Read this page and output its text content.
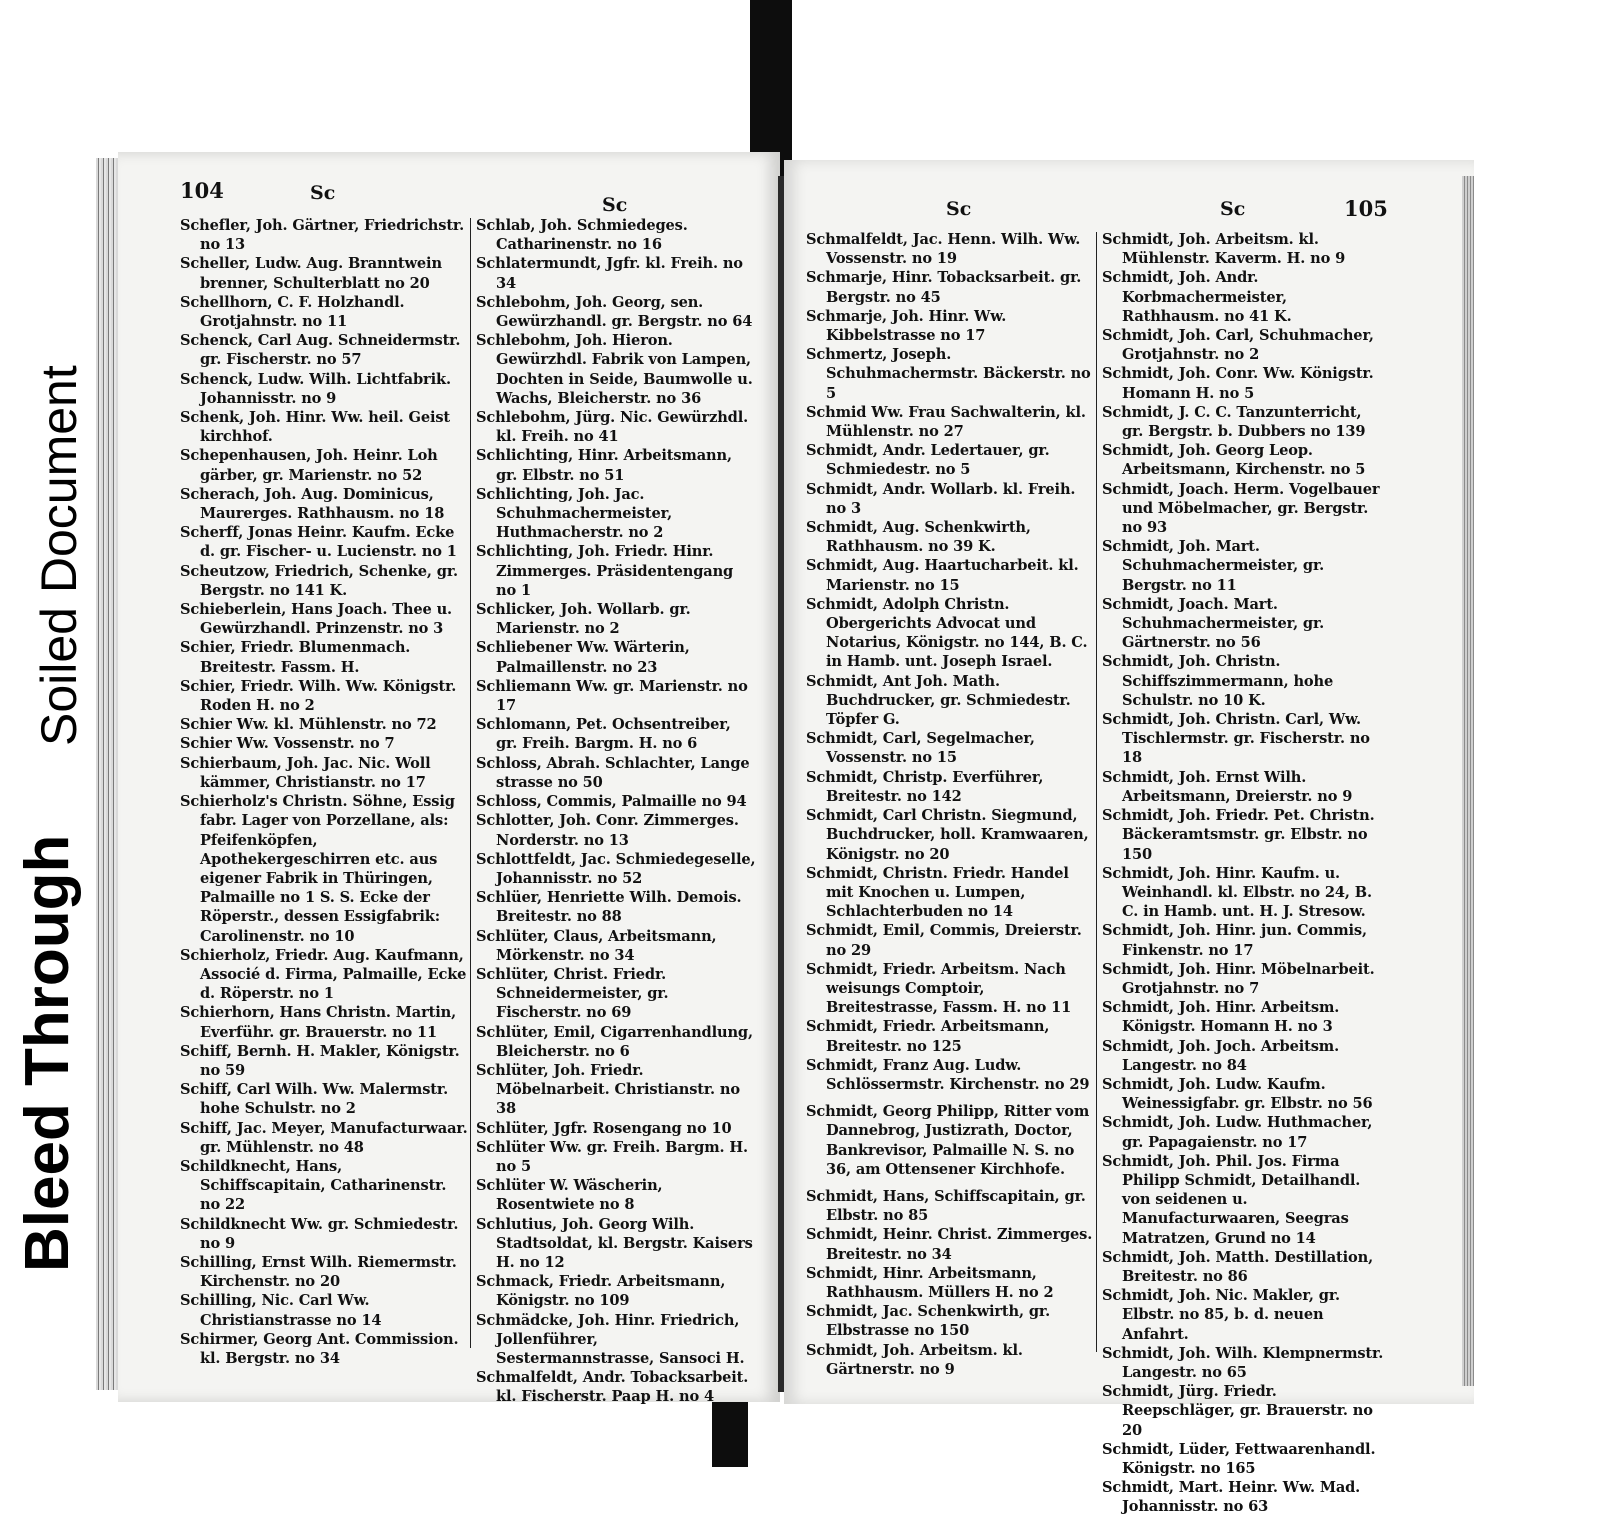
Bleed Through
Soiled Document
104	Sc
Sc

Schefler, Joh. Gärtner, Friedrichstr. no 13

Scheller, Ludw. Aug. Branntwein brenner, Schulterblatt no 20

Schellhorn, C. F. Holzhandl. Grotjahnstr. no 11

Schenck, Carl Aug. Schneidermstr. gr. Fischerstr. no 57

Schenck, Ludw. Wilh. Lichtfabrik. Johannisstr. no 9

Schenk, Joh. Hinr. Ww. heil. Geist kirchhof.

Schepenhausen, Joh. Heinr. Loh gärber, gr. Marienstr. no 52

Scherach, Joh. Aug. Dominicus, Maurerges. Rathhausm. no 18

Scherff, Jonas Heinr. Kaufm. Ecke d. gr. Fischer- u. Lucienstr. no 1

Scheutzow, Friedrich, Schenke, gr. Bergstr. no 141 K.

Schieberlein, Hans Joach. Thee u. Gewürzhandl. Prinzenstr. no 3

Schier, Friedr. Blumenmach. Breitestr. Fassm. H.

Schier, Friedr. Wilh. Ww. Königstr. Roden H. no 2

Schier Ww. kl. Mühlenstr. no 72

Schier Ww. Vossenstr. no 7

Schierbaum, Joh. Jac. Nic. Woll kämmer, Christianstr. no 17

Schierholz's Christn. Söhne, Essig fabr. Lager von Porzellane, als: Pfeifenköpfen, Apothekergeschirren etc. aus eigener Fabrik in Thüringen, Palmaille no 1 S. S. Ecke der Röperstr., dessen Essigfabrik: Carolinenstr. no 10

Schierholz, Friedr. Aug. Kaufmann, Associé d. Firma, Palmaille, Ecke d. Röperstr. no 1

Schierhorn, Hans Christn. Martin, Everführ. gr. Brauerstr. no 11

Schiff, Bernh. H. Makler, Königstr. no 59

Schiff, Carl Wilh. Ww. Malermstr. hohe Schulstr. no 2

Schiff, Jac. Meyer, Manufacturwaar. gr. Mühlenstr. no 48

Schildknecht, Hans, Schiffscapitain, Catharinenstr. no 22

Schildknecht Ww. gr. Schmiedestr. no 9

Schilling, Ernst Wilh. Riemermstr. Kirchenstr. no 20

Schilling, Nic. Carl Ww. Christianstrasse no 14

Schirmer, Georg Ant. Commission. kl. Bergstr. no 34

Schlab, Joh. Schmiedeges. Catharinenstr. no 16

Schlatermundt, Jgfr. kl. Freih. no 34

Schlebohm, Joh. Georg, sen. Gewürzhandl. gr. Bergstr. no 64

Schlebohm, Joh. Hieron. Gewürzhdl. Fabrik von Lampen, Dochten in Seide, Baumwolle u. Wachs, Bleicherstr. no 36

Schlebohm, Jürg. Nic. Gewürzhdl. kl. Freih. no 41

Schlichting, Hinr. Arbeitsmann, gr. Elbstr. no 51

Schlichting, Joh. Jac. Schuhmachermeister, Huthmacherstr. no 2

Schlichting, Joh. Friedr. Hinr. Zimmerges. Präsidentengang no 1

Schlicker, Joh. Wollarb. gr. Marienstr. no 2

Schliebener Ww. Wärterin, Palmaillenstr. no 23

Schliemann Ww. gr. Marienstr. no 17

Schlomann, Pet. Ochsentreiber, gr. Freih. Bargm. H. no 6

Schloss, Abrah. Schlachter, Lange strasse no 50

Schloss, Commis, Palmaille no 94

Schlotter, Joh. Conr. Zimmerges. Norderstr. no 13

Schlottfeldt, Jac. Schmiedegeselle, Johannisstr. no 52

Schlüer, Henriette Wilh. Demois. Breitestr. no 88

Schlüter, Claus, Arbeitsmann, Mörkenstr. no 34

Schlüter, Christ. Friedr. Schneidermeister, gr. Fischerstr. no 69

Schlüter, Emil, Cigarrenhandlung, Bleicherstr. no 6

Schlüter, Joh. Friedr. Möbelnarbeit. Christianstr. no 38

Schlüter, Jgfr. Rosengang no 10

Schlüter Ww. gr. Freih. Bargm. H. no 5

Schlüter W. Wäscherin, Rosentwiete no 8

Schlutius, Joh. Georg Wilh. Stadtsoldat, kl. Bergstr. Kaisers H. no 12

Schmack, Friedr. Arbeitsmann, Königstr. no 109

Schmädcke, Joh. Hinr. Friedrich, Jollenführer, Sestermannstrasse, Sansoci H.

Schmalfeldt, Andr. Tobacksarbeit. kl. Fischerstr. Paap H. no 4

Sc	Sc	105

Schmalfeldt, Jac. Henn. Wilh. Ww. Vossenstr. no 19

Schmarje, Hinr. Tobacksarbeit. gr. Bergstr. no 45

Schmarje, Joh. Hinr. Ww. Kibbelstrasse no 17

Schmertz, Joseph. Schuhmachermstr. Bäckerstr. no 5

Schmid Ww. Frau Sachwalterin, kl. Mühlenstr. no 27

Schmidt, Andr. Ledertauer, gr. Schmiedestr. no 5

Schmidt, Andr. Wollarb. kl. Freih. no 3

Schmidt, Aug. Schenkwirth, Rathhausm. no 39 K.

Schmidt, Aug. Haartucharbeit. kl. Marienstr. no 15

Schmidt, Adolph Christn. Obergerichts Advocat und Notarius, Königstr. no 144, B. C. in Hamb. unt. Joseph Israel.

Schmidt, Ant Joh. Math. Buchdrucker, gr. Schmiedestr. Töpfer G.

Schmidt, Carl, Segelmacher, Vossenstr. no 15

Schmidt, Christp. Everführer, Breitestr. no 142

Schmidt, Carl Christn. Siegmund, Buchdrucker, holl. Kramwaaren, Königstr. no 20

Schmidt, Christn. Friedr. Handel mit Knochen u. Lumpen, Schlachterbuden no 14

Schmidt, Emil, Commis, Dreierstr. no 29

Schmidt, Friedr. Arbeitsm. Nach weisungs Comptoir, Breitestrasse, Fassm. H. no 11

Schmidt, Friedr. Arbeitsmann, Breitestr. no 125

Schmidt, Franz Aug. Ludw. Schlössermstr. Kirchenstr. no 29

Schmidt, Georg Philipp, Ritter vom Dannebrog, Justizrath, Doctor, Bankrevisor, Palmaille N. S. no 36, am Ottensener Kirchhofe.

Schmidt, Hans, Schiffscapitain, gr. Elbstr. no 85

Schmidt, Heinr. Christ. Zimmerges. Breitestr. no 34

Schmidt, Hinr. Arbeitsmann, Rathhausm. Müllers H. no 2

Schmidt, Jac. Schenkwirth, gr. Elbstrasse no 150

Schmidt, Joh. Arbeitsm. kl. Gärtnerstr. no 9

Schmidt, Joh. Arbeitsm. kl. Mühlenstr. Kaverm. H. no 9

Schmidt, Joh. Andr. Korbmachermeister, Rathhausm. no 41 K.

Schmidt, Joh. Carl, Schuhmacher, Grotjahnstr. no 2

Schmidt, Joh. Conr. Ww. Königstr. Homann H. no 5

Schmidt, J. C. C. Tanzunterricht, gr. Bergstr. b. Dubbers no 139

Schmidt, Joh. Georg Leop. Arbeitsmann, Kirchenstr. no 5

Schmidt, Joach. Herm. Vogelbauer und Möbelmacher, gr. Bergstr. no 93

Schmidt, Joh. Mart. Schuhmachermeister, gr. Bergstr. no 11

Schmidt, Joach. Mart. Schuhmachermeister, gr. Gärtnerstr. no 56

Schmidt, Joh. Christn. Schiffszimmermann, hohe Schulstr. no 10 K.

Schmidt, Joh. Christn. Carl, Ww. Tischlermstr. gr. Fischerstr. no 18

Schmidt, Joh. Ernst Wilh. Arbeitsmann, Dreierstr. no 9

Schmidt, Joh. Friedr. Pet. Christn. Bäckeramtsmstr. gr. Elbstr. no 150

Schmidt, Joh. Hinr. Kaufm. u. Weinhandl. kl. Elbstr. no 24, B. C. in Hamb. unt. H. J. Stresow.

Schmidt, Joh. Hinr. jun. Commis, Finkenstr. no 17

Schmidt, Joh. Hinr. Möbelnarbeit. Grotjahnstr. no 7

Schmidt, Joh. Hinr. Arbeitsm. Königstr. Homann H. no 3

Schmidt, Joh. Joch. Arbeitsm. Langestr. no 84

Schmidt, Joh. Ludw. Kaufm. Weinessigfabr. gr. Elbstr. no 56

Schmidt, Joh. Ludw. Huthmacher, gr. Papagaienstr. no 17

Schmidt, Joh. Phil. Jos. Firma Philipp Schmidt, Detailhandl. von seidenen u. Manufacturwaaren, Seegras Matratzen, Grund no 14

Schmidt, Joh. Matth. Destillation, Breitestr. no 86

Schmidt, Joh. Nic. Makler, gr. Elbstr. no 85, b. d. neuen Anfahrt.

Schmidt, Joh. Wilh. Klempnermstr. Langestr. no 65

Schmidt, Jürg. Friedr. Reepschläger, gr. Brauerstr. no 20

Schmidt, Lüder, Fettwaarenhandl. Königstr. no 165

Schmidt, Mart. Heinr. Ww. Mad. Johannisstr. no 63
